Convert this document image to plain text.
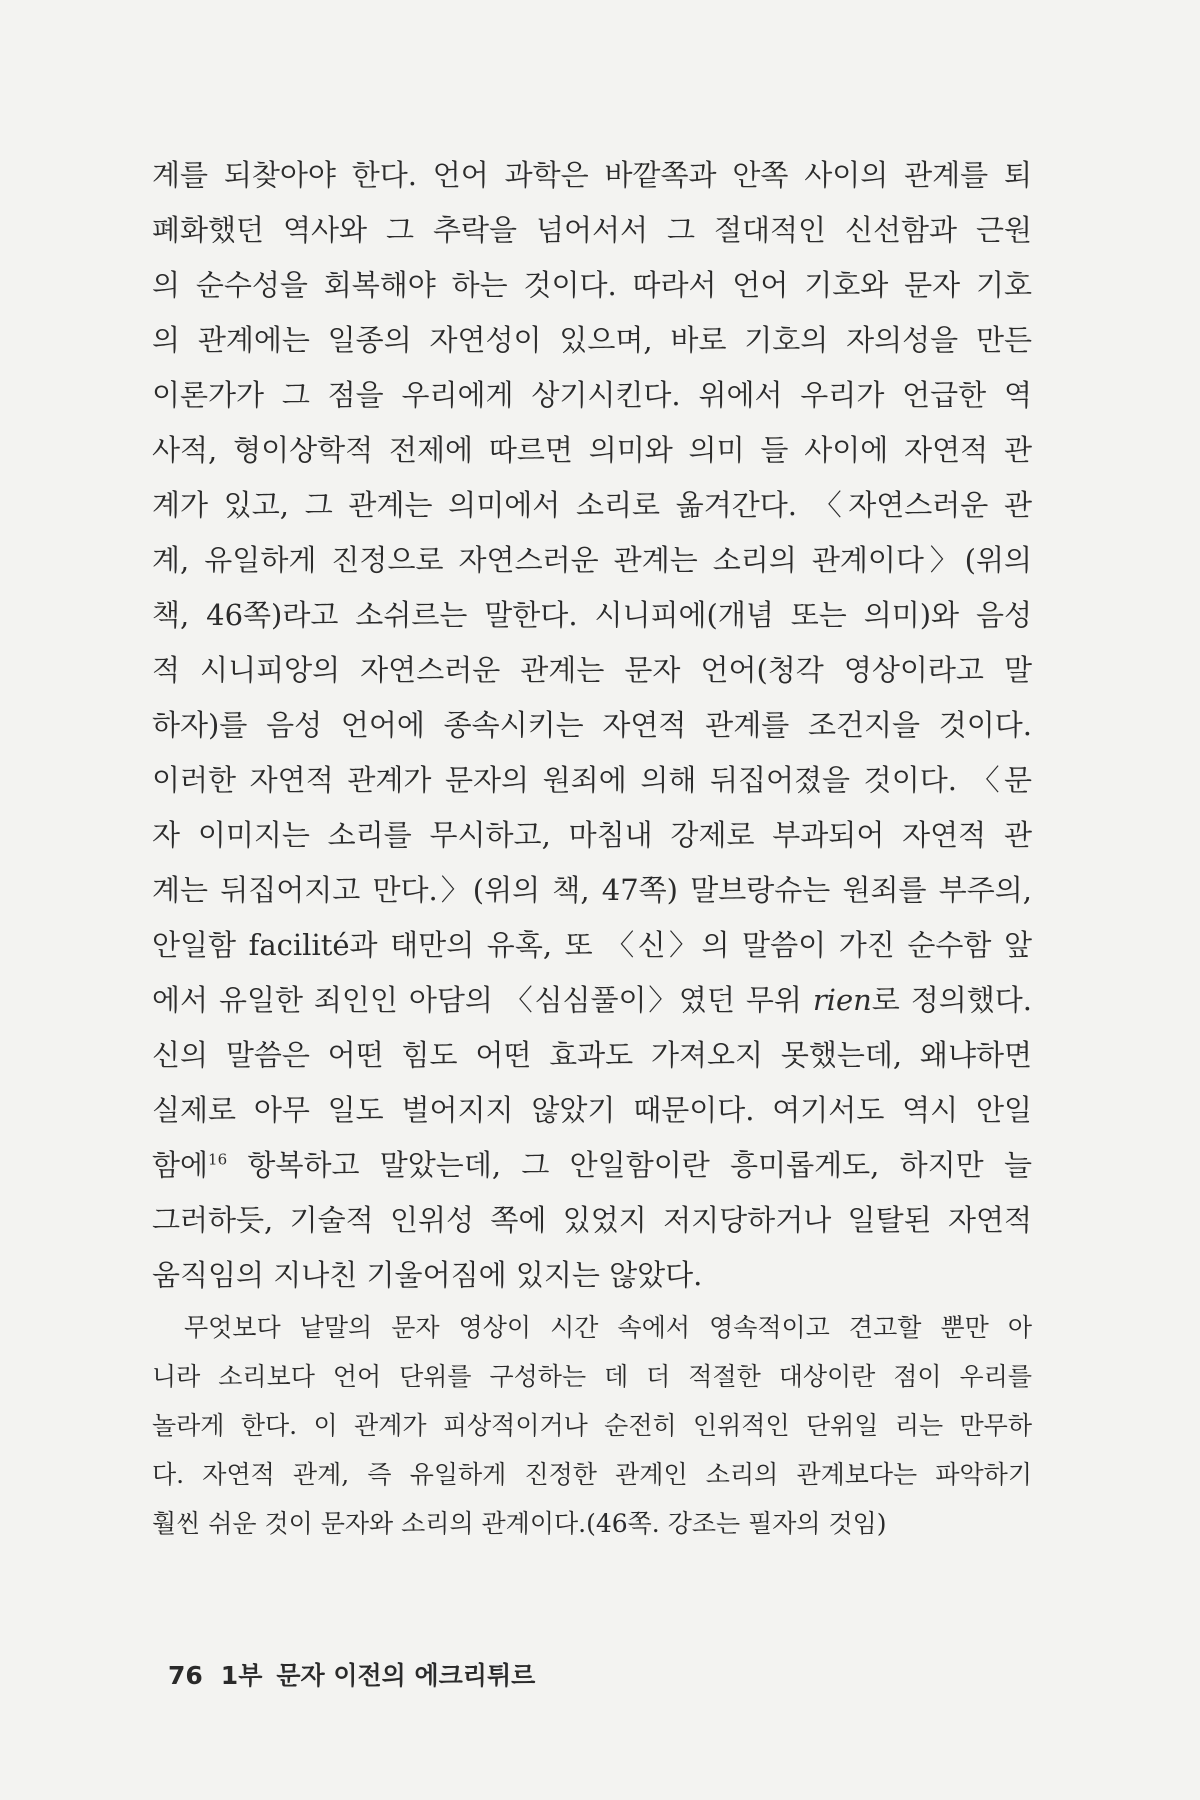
계를 되찾아야 한다. 언어 과학은 바깥쪽과 안쪽 사이의 관계를 퇴
폐화했던 역사와 그 추락을 넘어서서 그 절대적인 신선함과 근원
의 순수성을 회복해야 하는 것이다. 따라서 언어 기호와 문자 기호
의 관계에는 일종의 자연성이 있으며, 바로 기호의 자의성을 만든
이론가가 그 점을 우리에게 상기시킨다. 위에서 우리가 언급한 역
사적, 형이상학적 전제에 따르면 의미와 의미 들 사이에 자연적 관
계가 있고, 그 관계는 의미에서 소리로 옮겨간다. 〈자연스러운 관
계, 유일하게 진정으로 자연스러운 관계는 소리의 관계이다〉(위의
책, 46쪽)라고 소쉬르는 말한다. 시니피에(개념 또는 의미)와 음성
적 시니피앙의 자연스러운 관계는 문자 언어(청각 영상이라고 말
하자)를 음성 언어에 종속시키는 자연적 관계를 조건지을 것이다.
이러한 자연적 관계가 문자의 원죄에 의해 뒤집어졌을 것이다. 〈문
자 이미지는 소리를 무시하고, 마침내 강제로 부과되어 자연적 관
계는 뒤집어지고 만다.〉(위의 책, 47쪽) 말브랑슈는 원죄를 부주의,
안일함 facilité과 태만의 유혹, 또 〈신〉의 말씀이 가진 순수함 앞
에서 유일한 죄인인 아담의 〈심심풀이〉였던 무위 rien로 정의했다.
신의 말씀은 어떤 힘도 어떤 효과도 가져오지 못했는데, 왜냐하면
실제로 아무 일도 벌어지지 않았기 때문이다. 여기서도 역시 안일
함에$^{16}$ 항복하고 말았는데, 그 안일함이란 흥미롭게도, 하지만 늘
그러하듯, 기술적 인위성 쪽에 있었지 저지당하거나 일탈된 자연적
움직임의 지나친 기울어짐에 있지는 않았다.
무엇보다 낱말의 문자 영상이 시간 속에서 영속적이고 견고할 뿐만 아
니라 소리보다 언어 단위를 구성하는 데 더 적절한 대상이란 점이 우리를
놀라게 한다. 이 관계가 피상적이거나 순전히 인위적인 단위일 리는 만무하
다. 자연적 관계, 즉 유일하게 진정한 관계인 소리의 관계보다는 파악하기
훨씬 쉬운 것이 문자와 소리의 관계이다.(46쪽. 강조는 필자의 것임)
76 1부 문자 이전의 에크리튀르
